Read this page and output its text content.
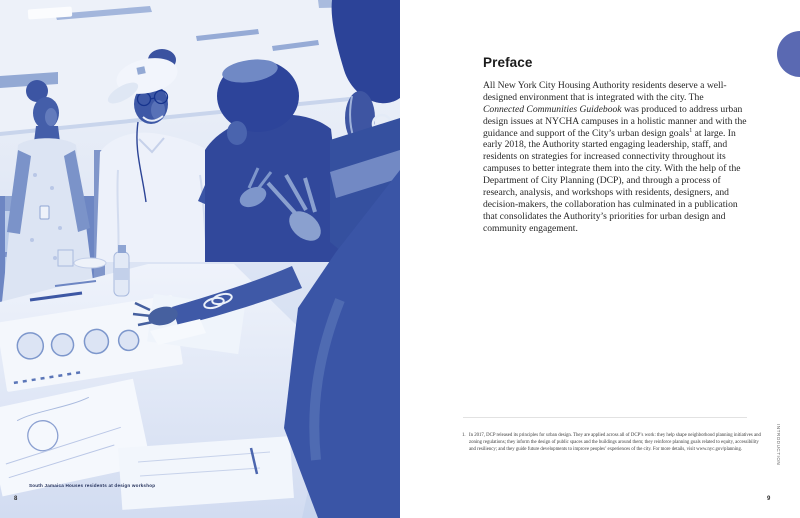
South Jamaica Houses residents at design workshop
8
Preface

All New York City Housing Authority residents deserve a well-designed environment that is integrated with the city. The Connected Communities Guidebook was produced to address urban design issues at NYCHA campuses in a holistic manner and with the guidance and support of the City’s urban design goals$^1$ at large. In early 2018, the Authority started engaging leadership, staff, and residents on strategies for increased connectivity throughout its campuses to better integrate them into the city. With the help of the Department of City Planning (DCP), and through a process of research, analysis, and workshops with residents, designers, and decision-makers, the collaboration has culminated in a publication that consolidates the Authority’s priorities for urban design and community engagement.

1. In 2017, DCP released its principles for urban design. They are applied across all of DCP’s work: they help shape neighborhood planning initiatives and zoning regulations; they inform the design of public spaces and the buildings around them; they reinforce planning goals related to equity, accessibility and resiliency; and they guide future developments to improve peoples’ experiences of the city. For more details, visit www.nyc.gov/planning.	INTRODUCTION
9
